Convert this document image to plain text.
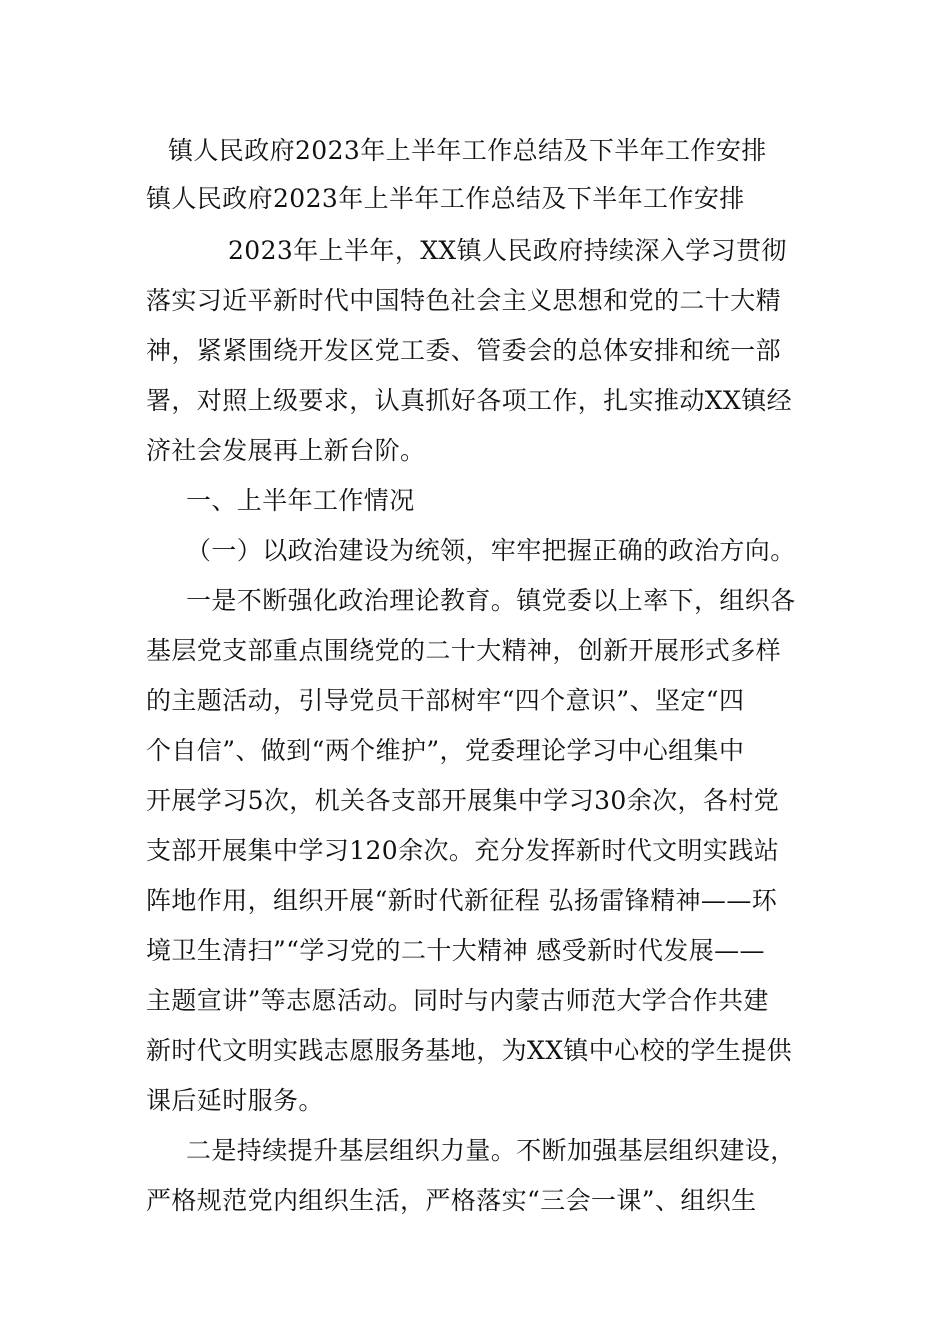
镇人民政府2023年上半年工作总结及下半年工作安排
镇人民政府2023年上半年工作总结及下半年工作安排
2023年上半年，XX镇人民政府持续深入学习贯彻
落实习近平新时代中国特色社会主义思想和党的二十大精
神，紧紧围绕开发区党工委、管委会的总体安排和统一部
署，对照上级要求，认真抓好各项工作，扎实推动XX镇经
济社会发展再上新台阶。
一、上半年工作情况
（一）以政治建设为统领，牢牢把握正确的政治方向。
一是不断强化政治理论教育。镇党委以上率下，组织各
基层党支部重点围绕党的二十大精神，创新开展形式多样
的主题活动，引导党员干部树牢“四个意识”、坚定“四
个自信”、做到“两个维护”，党委理论学习中心组集中
开展学习5次，机关各支部开展集中学习30余次，各村党
支部开展集中学习120余次。充分发挥新时代文明实践站
阵地作用，组织开展“新时代新征程 弘扬雷锋精神——环
境卫生清扫”“学习党的二十大精神 感受新时代发展——
主题宣讲”等志愿活动。同时与内蒙古师范大学合作共建
新时代文明实践志愿服务基地，为XX镇中心校的学生提供
课后延时服务。
二是持续提升基层组织力量。不断加强基层组织建设，
严格规范党内组织生活，严格落实“三会一课”、组织生
